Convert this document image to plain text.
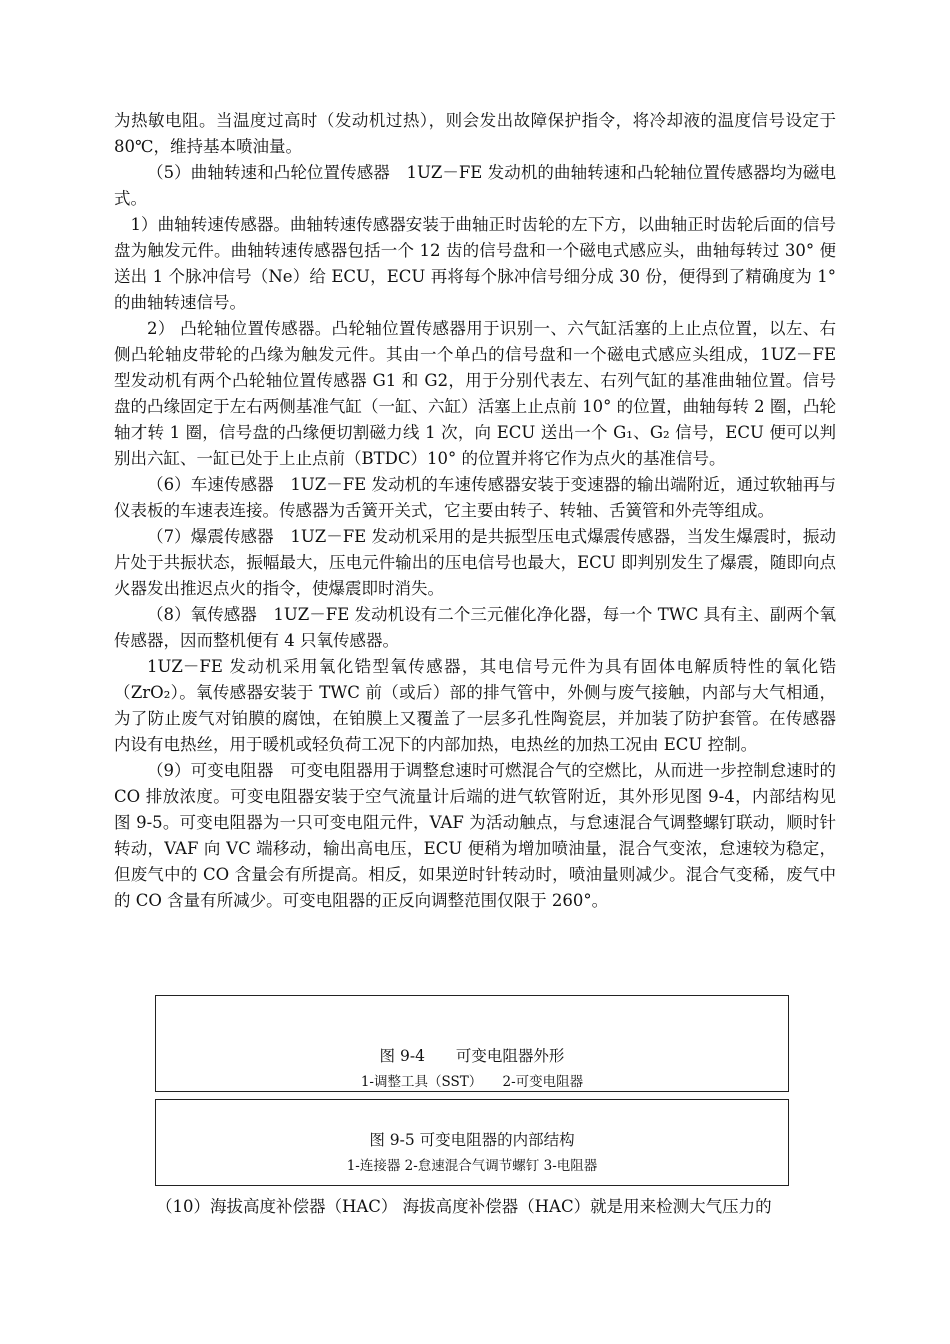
为热敏电阻。当温度过高时（发动机过热），则会发出故障保护指令，将冷却液的温度信号设定于 80℃，维持基本喷油量。

（5）曲轴转速和凸轮位置传感器　1UZ－FE 发动机的曲轴转速和凸轮轴位置传感器均为磁电式。

1）曲轴转速传感器。曲轴转速传感器安装于曲轴正时齿轮的左下方，以曲轴正时齿轮后面的信号盘为触发元件。曲轴转速传感器包括一个 12 齿的信号盘和一个磁电式感应头，曲轴每转过 30° 便送出 1 个脉冲信号（Ne）给 ECU，ECU 再将每个脉冲信号细分成 30 份，便得到了精确度为 1° 的曲轴转速信号。

2） 凸轮轴位置传感器。凸轮轴位置传感器用于识别一、六气缸活塞的上止点位置，以左、右侧凸轮轴皮带轮的凸缘为触发元件。其由一个单凸的信号盘和一个磁电式感应头组成，1UZ－FE 型发动机有两个凸轮轴位置传感器 G1 和 G2，用于分别代表左、右列气缸的基准曲轴位置。信号盘的凸缘固定于左右两侧基准气缸（一缸、六缸）活塞上止点前 10° 的位置，曲轴每转 2 圈，凸轮轴才转 1 圈，信号盘的凸缘便切割磁力线 1 次，向 ECU 送出一个 G₁、G₂ 信号，ECU 便可以判别出六缸、一缸已处于上止点前（BTDC）10° 的位置并将它作为点火的基准信号。

（6）车速传感器　1UZ－FE 发动机的车速传感器安装于变速器的输出端附近，通过软轴再与仪表板的车速表连接。传感器为舌簧开关式，它主要由转子、转轴、舌簧管和外壳等组成。

（7）爆震传感器　1UZ－FE 发动机采用的是共振型压电式爆震传感器，当发生爆震时，振动片处于共振状态，振幅最大，压电元件输出的压电信号也最大，ECU 即判别发生了爆震，随即向点火器发出推迟点火的指令，使爆震即时消失。

（8）氧传感器　1UZ－FE 发动机设有二个三元催化净化器，每一个 TWC 具有主、副两个氧传感器，因而整机便有 4 只氧传感器。

1UZ－FE 发动机采用氧化锆型氧传感器，其电信号元件为具有固体电解质特性的氧化锆（ZrO₂）。氧传感器安装于 TWC 前（或后）部的排气管中，外侧与废气接触，内部与大气相通，为了防止废气对铂膜的腐蚀，在铂膜上又覆盖了一层多孔性陶瓷层，并加装了防护套管。在传感器内设有电热丝，用于暖机或轻负荷工况下的内部加热，电热丝的加热工况由 ECU 控制。

（9）可变电阻器　可变电阻器用于调整怠速时可燃混合气的空燃比，从而进一步控制怠速时的 CO 排放浓度。可变电阻器安装于空气流量计后端的进气软管附近，其外形见图 9-4，内部结构见图 9-5。可变电阻器为一只可变电阻元件，VAF 为活动触点，与怠速混合气调整螺钉联动，顺时针转动，VAF 向 VC 端移动，输出高电压，ECU 便稍为增加喷油量，混合气变浓，怠速较为稳定，但废气中的 CO 含量会有所提高。相反，如果逆时针转动时，喷油量则减少。混合气变稀，废气中的 CO 含量有所减少。可变电阻器的正反向调整范围仅限于 260°。

图 9-4　　可变电阻器外形
1-调整工具（SST）　　2-可变电阻器
图 9-5 可变电阻器的内部结构
1-连接器 2-怠速混合气调节螺钉 3-电阻器
（10）海拔高度补偿器（HAC） 海拔高度补偿器（HAC）就是用来检测大气压力的
